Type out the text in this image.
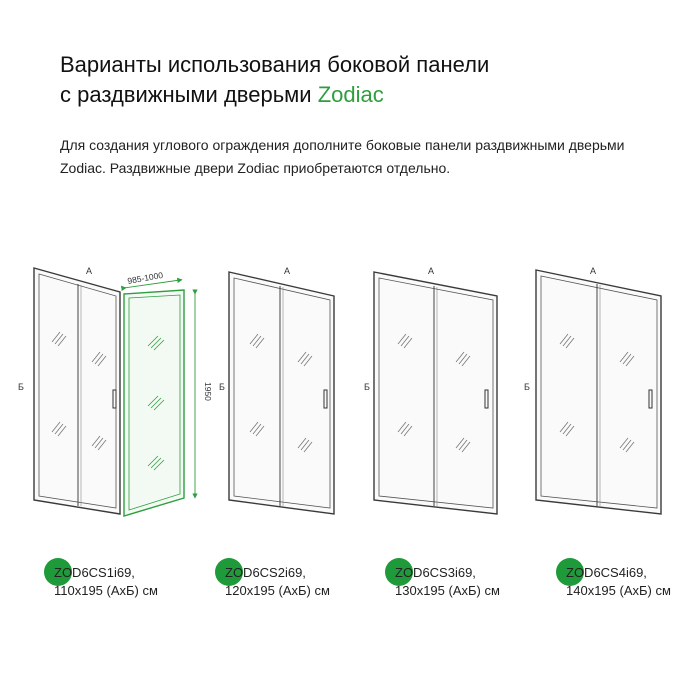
Варианты использования боковой панели
с раздвижными дверьми Zodiac
Для создания углового ограждения дополните боковые панели раздвижными дверьми Zodiac. Раздвижные двери Zodiac приобретаются отдельно.
985-1000
1950
А
Б
А
Б
А
Б
А
Б
ZOD6CS1i69,
110x195 (АхБ) см
ZOD6CS2i69,
120x195 (АхБ) см
ZOD6CS3i69,
130x195 (АхБ) см
ZOD6CS4i69,
140x195 (АхБ) см
